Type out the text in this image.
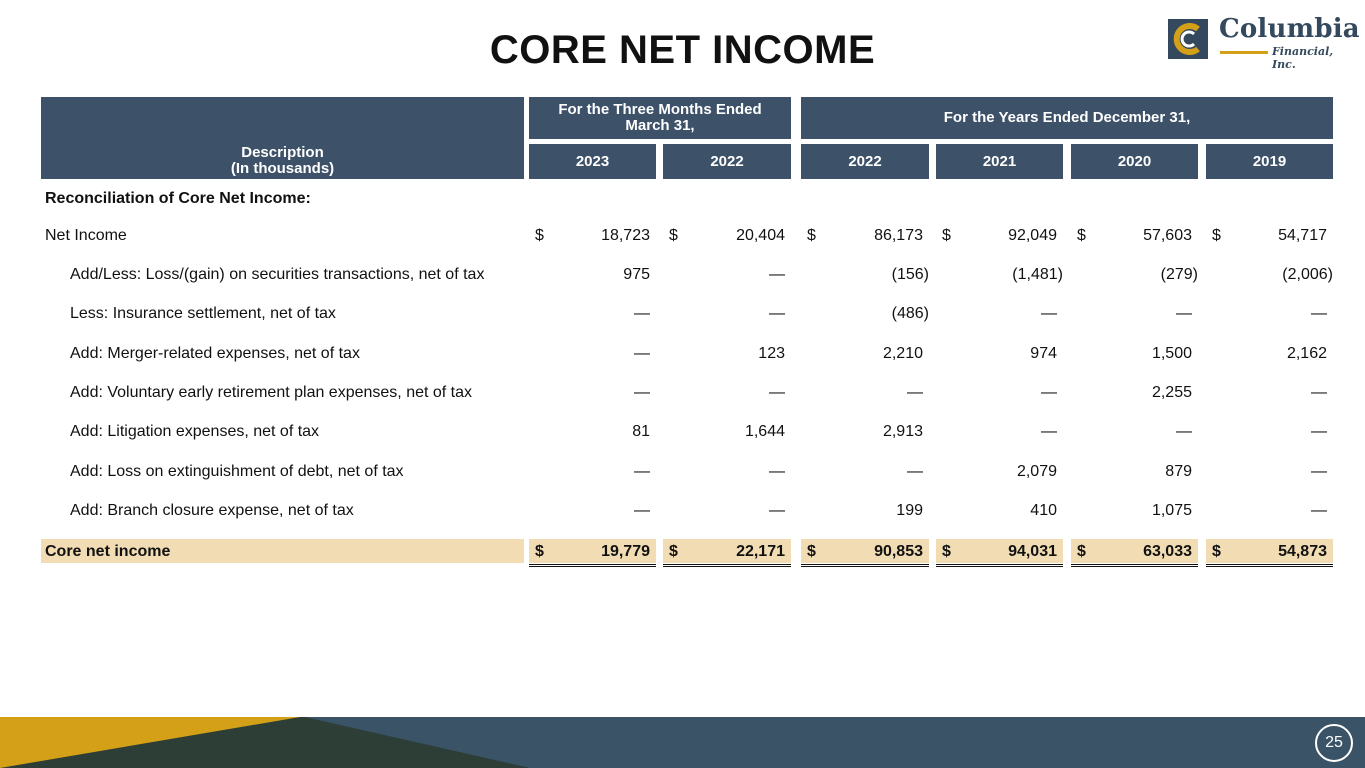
CORE NET INCOME	Columbia
Financial, Inc.
Description
(In thousands)
For the Three Months Ended
March 31,	For the Years Ended December 31,
2023	2022	2022	2021	2020	2019
Reconciliation of Core Net Income:
Net Income	$	18,723 $	20,404 $	86,173 $	92,049 $	57,603 $	54,717
Add/Less: Loss/(gain) on securities transactions, net of tax	975	—	(156)	(1,481)	(279)	(2,006)
Less: Insurance settlement, net of tax	—	—	(486)	—	—	—
Add: Merger-related expenses, net of tax	—	123	2,210	974	1,500	2,162
Add: Voluntary early retirement plan expenses, net of tax	—	—	—	—	2,255	—
Add: Litigation expenses, net of tax	81	1,644	2,913	—	—	—
Add: Loss on extinguishment of debt, net of tax	—	—	—	2,079	879	—
Add: Branch closure expense, net of tax	—	—	199	410	1,075	—
Core net income	$	19,779 $	22,171 $	90,853 $	94,031 $	63,033 $	54,873
25
